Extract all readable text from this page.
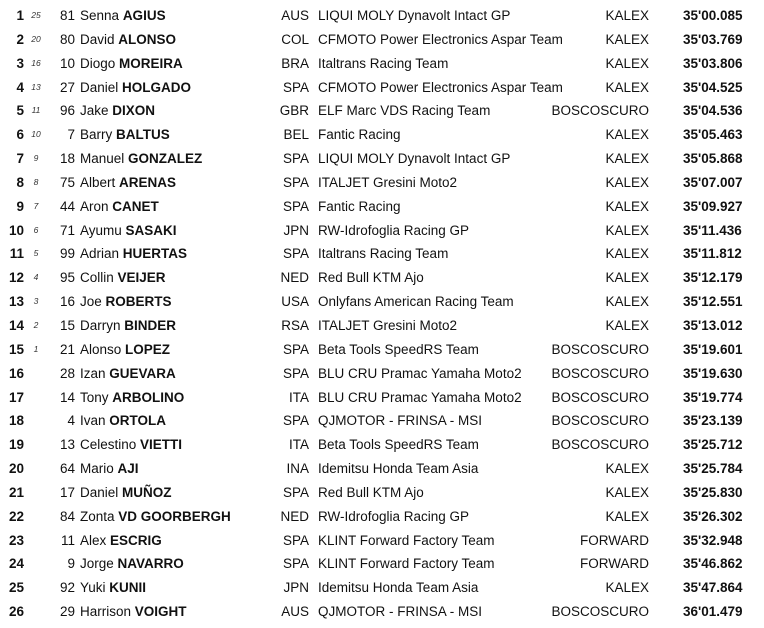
1 25	81 Senna AGIUS	AUS LIQUI MOLY Dynavolt Intact GP	KALEX	35'00.085
2 20	80 David ALONSO	COL CFMOTO Power Electronics Aspar Team	KALEX	35'03.769
3 16	10 Diogo MOREIRA	BRA Italtrans Racing Team	KALEX	35'03.806
4 13	27 Daniel HOLGADO	SPA CFMOTO Power Electronics Aspar Team	KALEX	35'04.525
5 11	96 Jake DIXON	GBR ELF Marc VDS Racing Team	BOSCOSCURO	35'04.536
6 10	7 Barry BALTUS	BEL Fantic Racing	KALEX	35'05.463
7	9	18 Manuel GONZALEZ	SPA LIQUI MOLY Dynavolt Intact GP	KALEX	35'05.868
8	8	75 Albert ARENAS	SPA ITALJET Gresini Moto2	KALEX	35'07.007
9	7	44 Aron CANET	SPA Fantic Racing	KALEX	35'09.927
10	6	71 Ayumu SASAKI	JPN RW-Idrofoglia Racing GP	KALEX	35'11.436
11	5	99 Adrian HUERTAS	SPA Italtrans Racing Team	KALEX	35'11.812
12	4	95 Collin VEIJER	NED Red Bull KTM Ajo	KALEX	35'12.179
13	3	16 Joe ROBERTS	USA Onlyfans American Racing Team	KALEX	35'12.551
14	2	15 Darryn BINDER	RSA ITALJET Gresini Moto2	KALEX	35'13.012
15	1	21 Alonso LOPEZ	SPA Beta Tools SpeedRS Team	BOSCOSCURO	35'19.601
16	28 Izan GUEVARA	SPA BLU CRU Pramac Yamaha Moto2	BOSCOSCURO	35'19.630
17	14 Tony ARBOLINO	ITA BLU CRU Pramac Yamaha Moto2	BOSCOSCURO	35'19.774
18	4 Ivan ORTOLA	SPA QJMOTOR - FRINSA - MSI	BOSCOSCURO	35'23.139
19	13 Celestino VIETTI	ITA Beta Tools SpeedRS Team	BOSCOSCURO	35'25.712
20	64 Mario AJI	INA Idemitsu Honda Team Asia	KALEX	35'25.784
21	17 Daniel MUÑOZ	SPA Red Bull KTM Ajo	KALEX	35'25.830
22	84 Zonta VD GOORBERGH	NED RW-Idrofoglia Racing GP	KALEX	35'26.302
23	11 Alex ESCRIG	SPA KLINT Forward Factory Team	FORWARD	35'32.948
24	9 Jorge NAVARRO	SPA KLINT Forward Factory Team	FORWARD	35'46.862
25	92 Yuki KUNII	JPN Idemitsu Honda Team Asia	KALEX	35'47.864
26	29 Harrison VOIGHT	AUS QJMOTOR - FRINSA - MSI	BOSCOSCURO	36'01.479
